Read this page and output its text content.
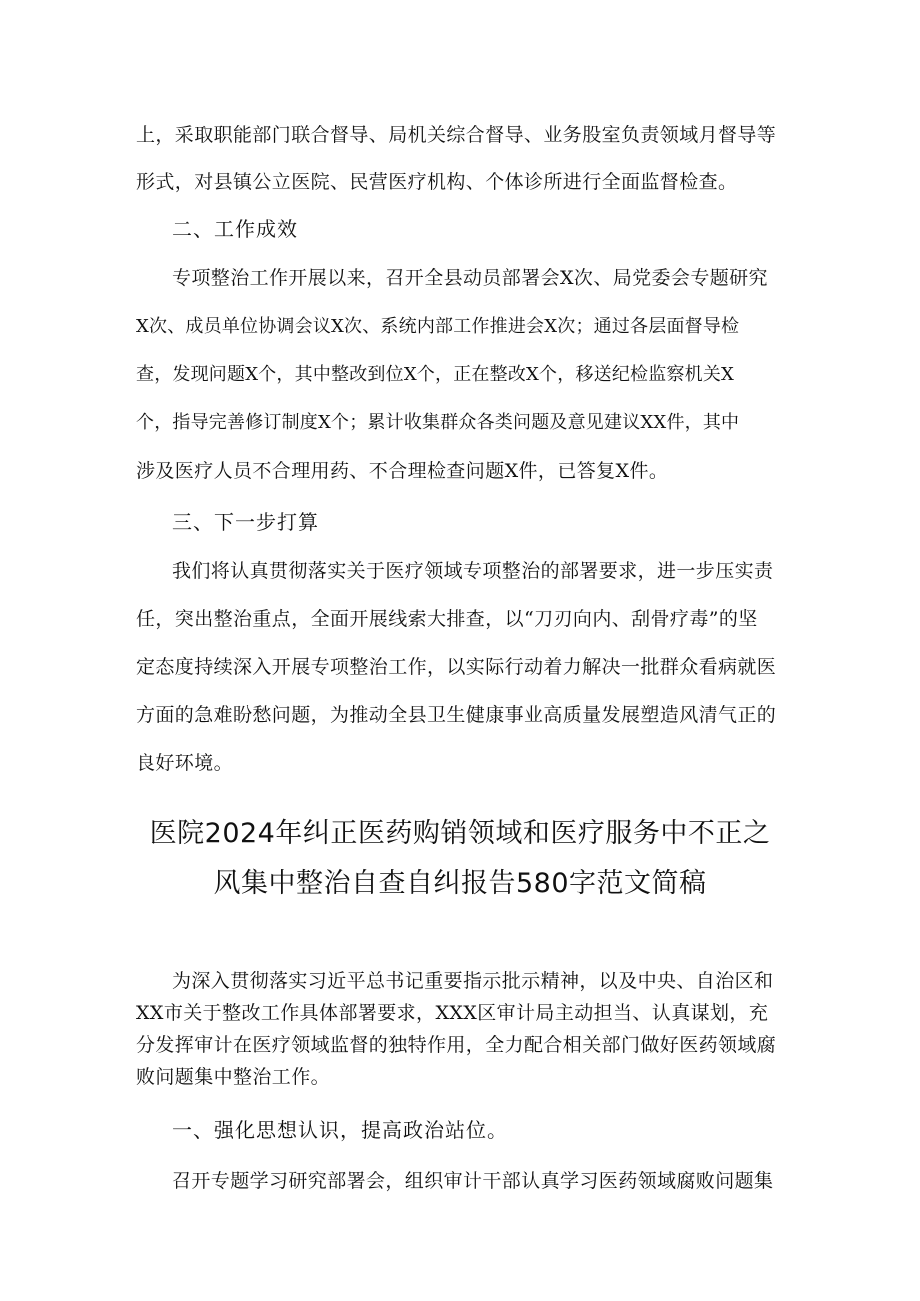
上，采取职能部门联合督导、局机关综合督导、业务股室负责领域月督导等
形式，对县镇公立医院、民营医疗机构、个体诊所进行全面监督检查。
二、工作成效
专项整治工作开展以来，召开全县动员部署会X次、局党委会专题研究
X次、成员单位协调会议X次、系统内部工作推进会X次；通过各层面督导检
查，发现问题X个，其中整改到位X个，正在整改X个，移送纪检监察机关X
个，指导完善修订制度X个；累计收集群众各类问题及意见建议XX件，其中
涉及医疗人员不合理用药、不合理检查问题X件，已答复X件。
三、下一步打算
我们将认真贯彻落实关于医疗领域专项整治的部署要求，进一步压实责
任，突出整治重点，全面开展线索大排查，以“刀刃向内、刮骨疗毒”的坚
定态度持续深入开展专项整治工作，以实际行动着力解决一批群众看病就医
方面的急难盼愁问题，为推动全县卫生健康事业高质量发展塑造风清气正的
良好环境。
医院2024年纠正医药购销领域和医疗服务中不正之
风集中整治自查自纠报告580字范文简稿
为深入贯彻落实习近平总书记重要指示批示精神，以及中央、自治区和
XX市关于整改工作具体部署要求，XXX区审计局主动担当、认真谋划，充
分发挥审计在医疗领域监督的独特作用，全力配合相关部门做好医药领域腐
败问题集中整治工作。
一、强化思想认识，提高政治站位。
召开专题学习研究部署会，组织审计干部认真学习医药领域腐败问题集
